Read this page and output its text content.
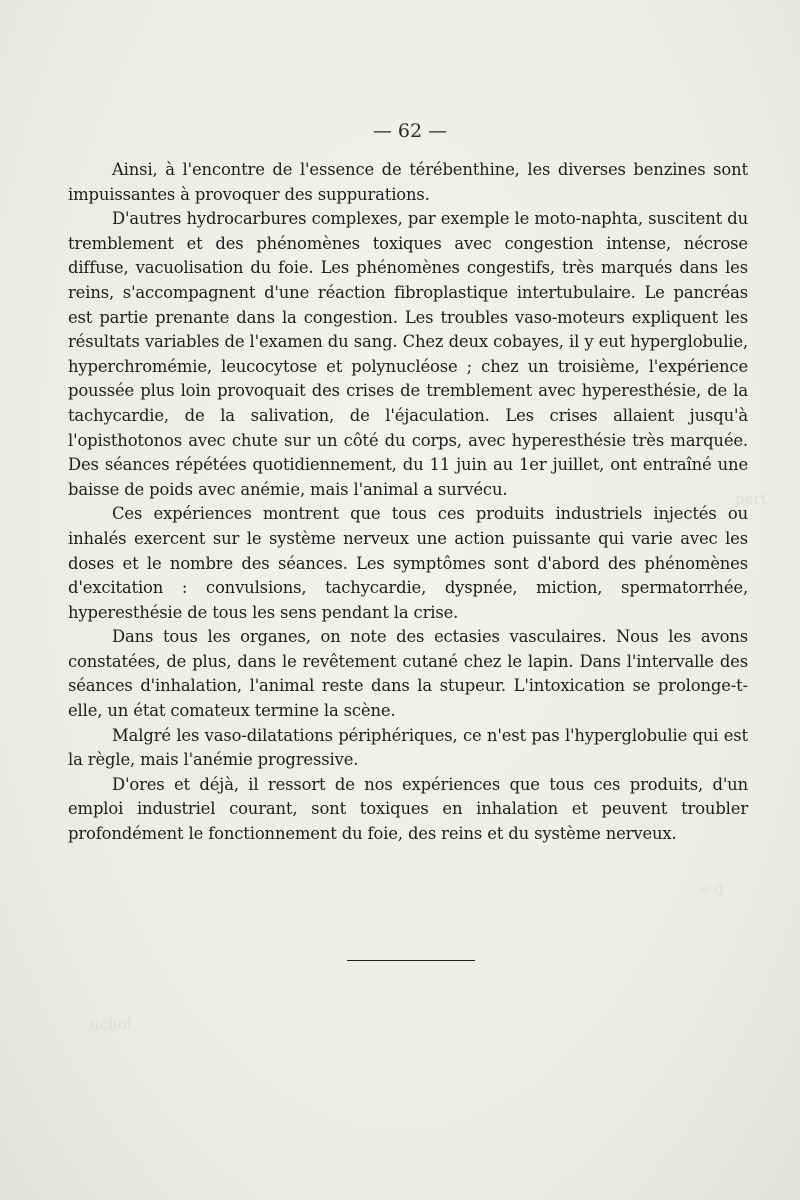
pert
e d
uchol
— 62 —

Ainsi, à l'encontre de l'essence de térébenthine, les diverses benzines sont impuissantes à provoquer des suppurations.

D'autres hydrocarbures complexes, par exemple le moto-naphta, suscitent du tremblement et des phénomènes toxiques avec congestion intense, nécrose diffuse, vacuolisation du foie. Les phénomènes congestifs, très marqués dans les reins, s'accompagnent d'une réaction fibroplastique intertubulaire. Le pancréas est partie prenante dans la congestion. Les troubles vaso-moteurs expliquent les résultats variables de l'examen du sang. Chez deux cobayes, il y eut hyperglobulie, hyperchromémie, leucocytose et polynucléose ; chez un troisième, l'expérience poussée plus loin provoquait des crises de tremblement avec hyperesthésie, de la tachycardie, de la salivation, de l'éjaculation. Les crises allaient jusqu'à l'opisthotonos avec chute sur un côté du corps, avec hyperesthésie très marquée. Des séances répétées quotidiennement, du 11 juin au 1er juillet, ont entraîné une baisse de poids avec anémie, mais l'animal a survécu.

Ces expériences montrent que tous ces produits industriels injectés ou inhalés exercent sur le système nerveux une action puissante qui varie avec les doses et le nombre des séances. Les symptômes sont d'abord des phénomènes d'excitation : convulsions, tachycardie, dyspnée, miction, spermatorrhée, hyperesthésie de tous les sens pendant la crise.

Dans tous les organes, on note des ectasies vasculaires. Nous les avons constatées, de plus, dans le revêtement cutané chez le lapin. Dans l'intervalle des séances d'inhalation, l'animal reste dans la stupeur. L'intoxication se prolonge-t-elle, un état comateux termine la scène.

Malgré les vaso-dilatations périphériques, ce n'est pas l'hyperglobulie qui est la règle, mais l'anémie progressive.

D'ores et déjà, il ressort de nos expériences que tous ces produits, d'un emploi industriel courant, sont toxiques en inhalation et peuvent troubler profondément le fonctionnement du foie, des reins et du système nerveux.
